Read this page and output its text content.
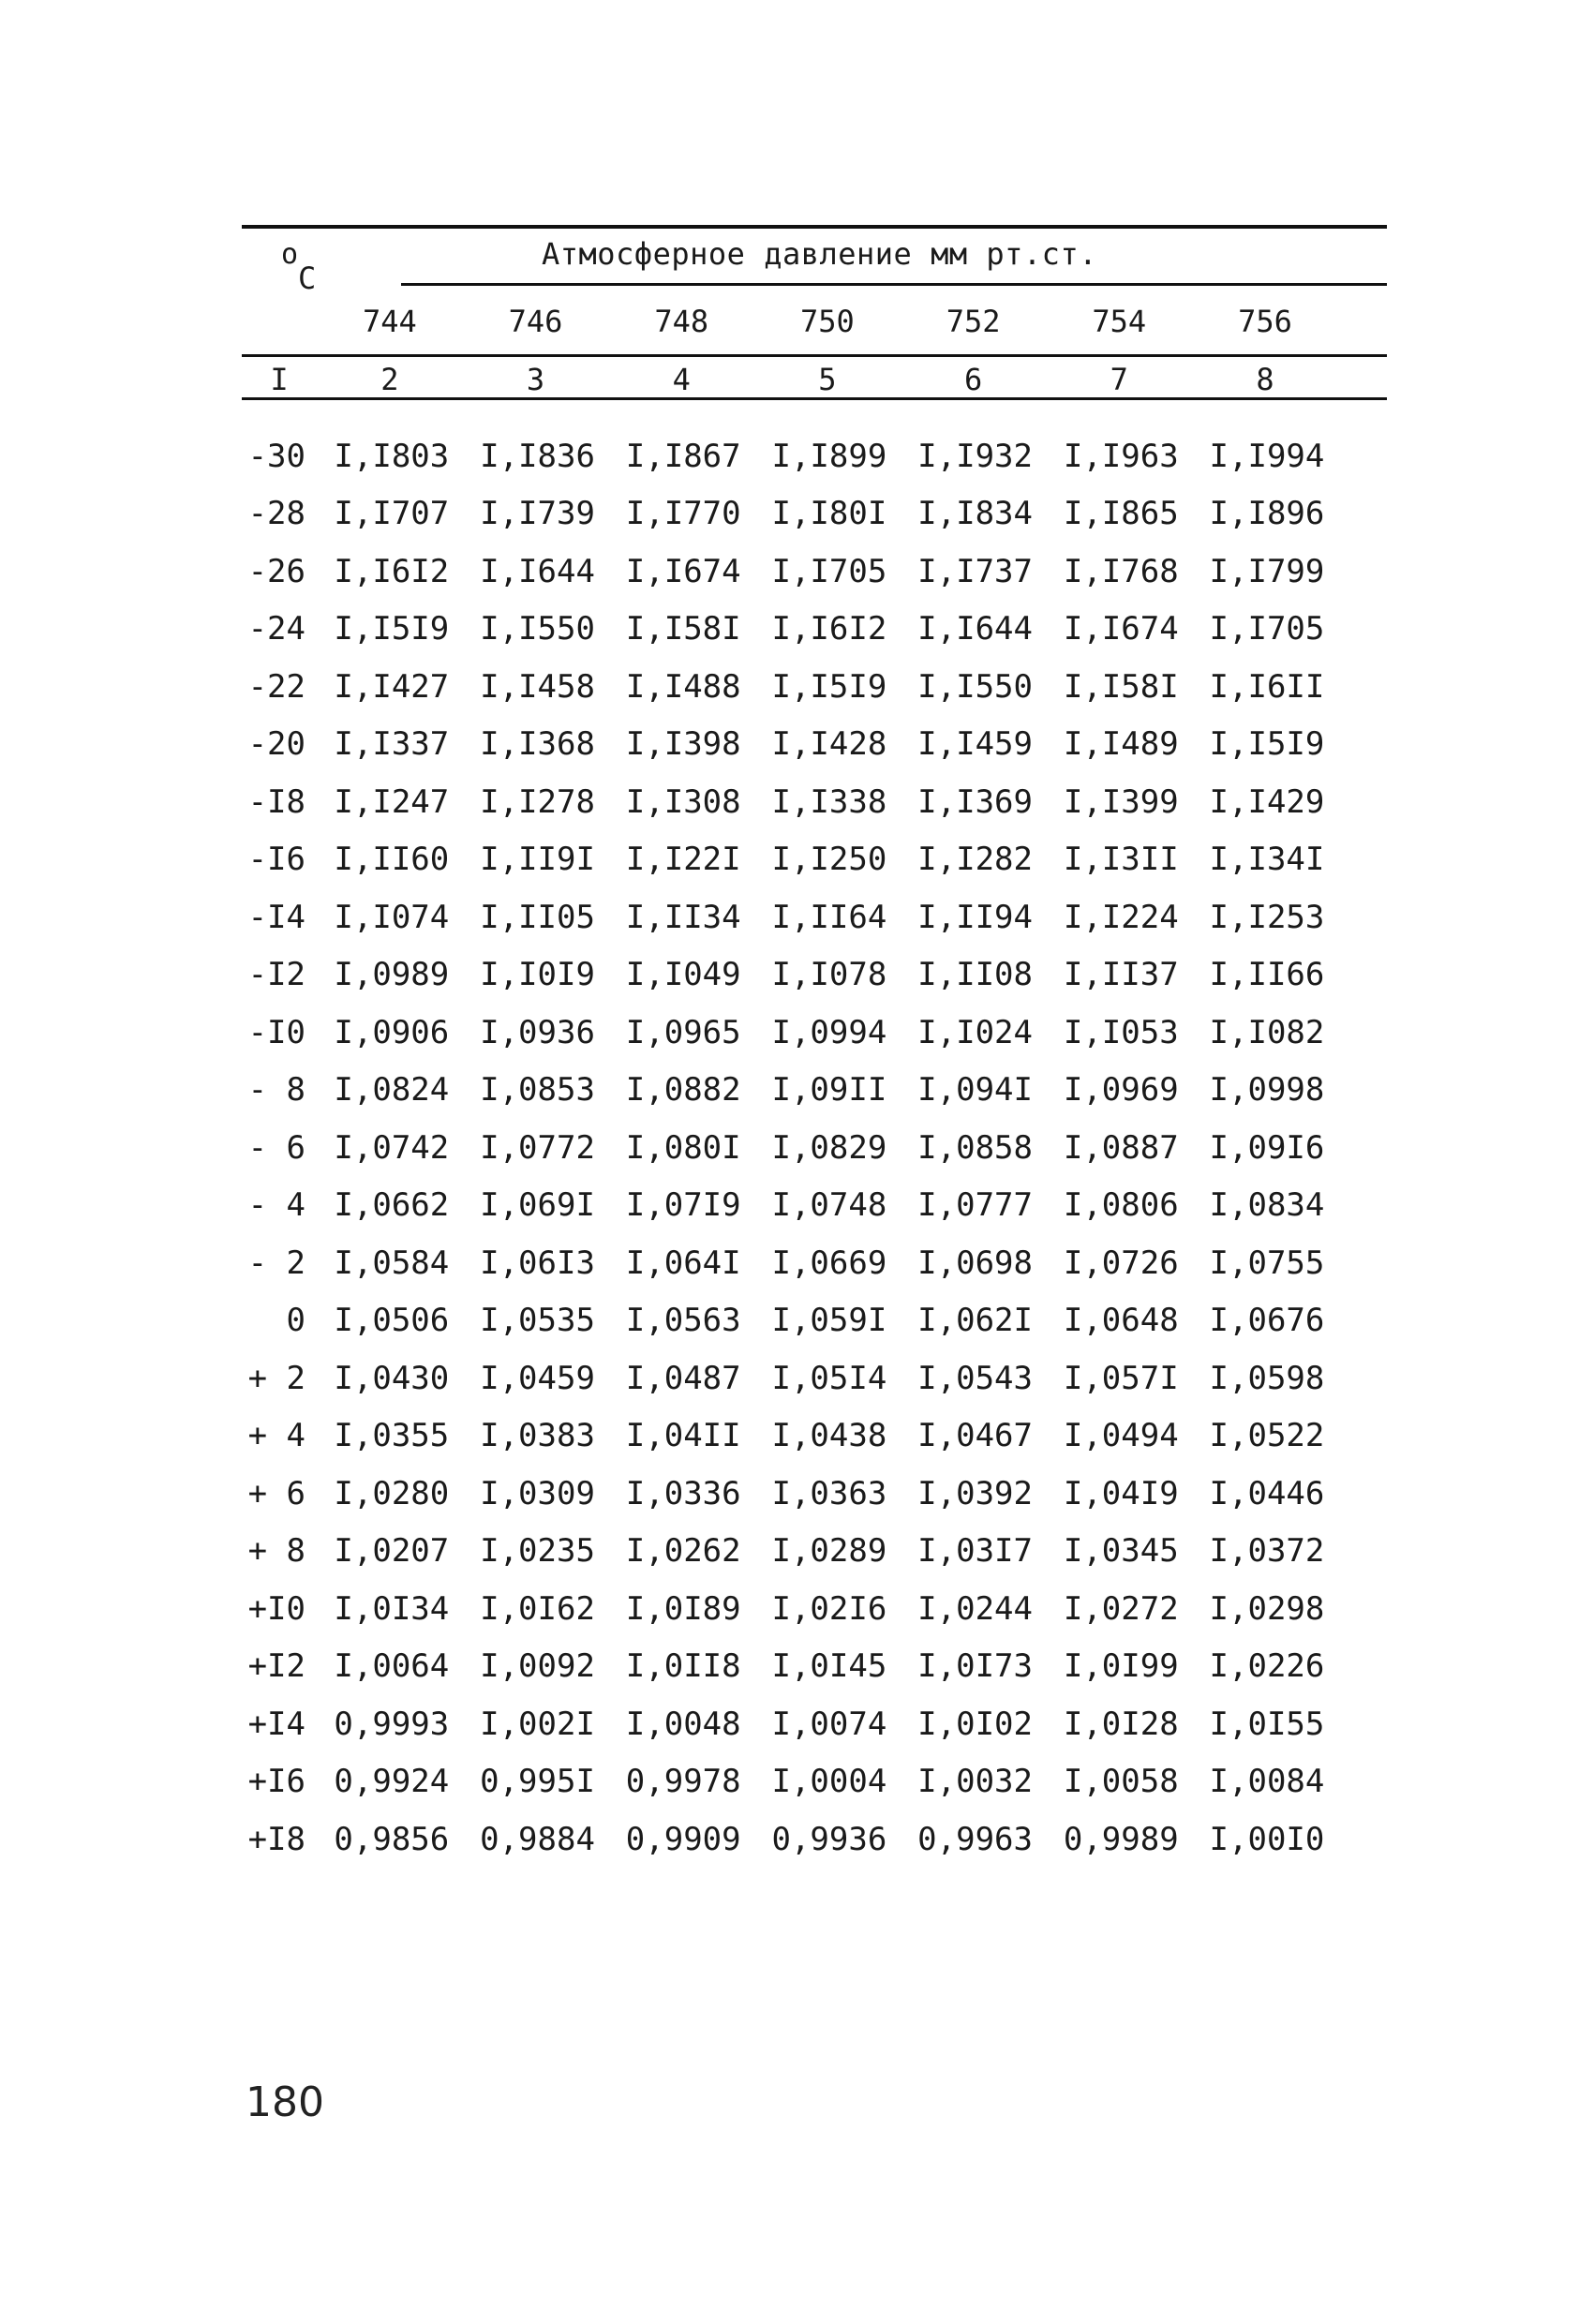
o
C
Атмосферное давление мм рт.ст.
744	746	748	750	752	754	756
I	2	3	4	5	6	7	8
-30 I,I803 I,I836 I,I867 I,I899 I,I932 I,I963 I,I994
-28 I,I707 I,I739 I,I770 I,I80I I,I834 I,I865 I,I896
-26 I,I6I2 I,I644 I,I674 I,I705 I,I737 I,I768 I,I799
-24 I,I5I9 I,I550 I,I58I I,I6I2 I,I644 I,I674 I,I705
-22 I,I427 I,I458 I,I488 I,I5I9 I,I550 I,I58I I,I6II
-20 I,I337 I,I368 I,I398 I,I428 I,I459 I,I489 I,I5I9
-I8 I,I247 I,I278 I,I308 I,I338 I,I369 I,I399 I,I429
-I6 I,II60 I,II9I I,I22I I,I250 I,I282 I,I3II I,I34I
-I4 I,I074 I,II05 I,II34 I,II64 I,II94 I,I224 I,I253
-I2 I,0989 I,I0I9 I,I049 I,I078 I,II08 I,II37 I,II66
-I0 I,0906 I,0936 I,0965 I,0994 I,I024 I,I053 I,I082
- 8 I,0824 I,0853 I,0882 I,09II I,094I I,0969 I,0998
- 6 I,0742 I,0772 I,080I I,0829 I,0858 I,0887 I,09I6
- 4 I,0662 I,069I I,07I9 I,0748 I,0777 I,0806 I,0834
- 2 I,0584 I,06I3 I,064I I,0669 I,0698 I,0726 I,0755
0 I,0506 I,0535 I,0563 I,059I I,062I I,0648 I,0676
+ 2 I,0430 I,0459 I,0487 I,05I4 I,0543 I,057I I,0598
+ 4 I,0355 I,0383 I,04II I,0438 I,0467 I,0494 I,0522
+ 6 I,0280 I,0309 I,0336 I,0363 I,0392 I,04I9 I,0446
+ 8 I,0207 I,0235 I,0262 I,0289 I,03I7 I,0345 I,0372
+I0 I,0I34 I,0I62 I,0I89 I,02I6 I,0244 I,0272 I,0298
+I2 I,0064 I,0092 I,0II8 I,0I45 I,0I73 I,0I99 I,0226
+I4 0,9993 I,002I I,0048 I,0074 I,0I02 I,0I28 I,0I55
+I6 0,9924 0,995I 0,9978 I,0004 I,0032 I,0058 I,0084
+I8 0,9856 0,9884 0,9909 0,9936 0,9963 0,9989 I,00I0
180
